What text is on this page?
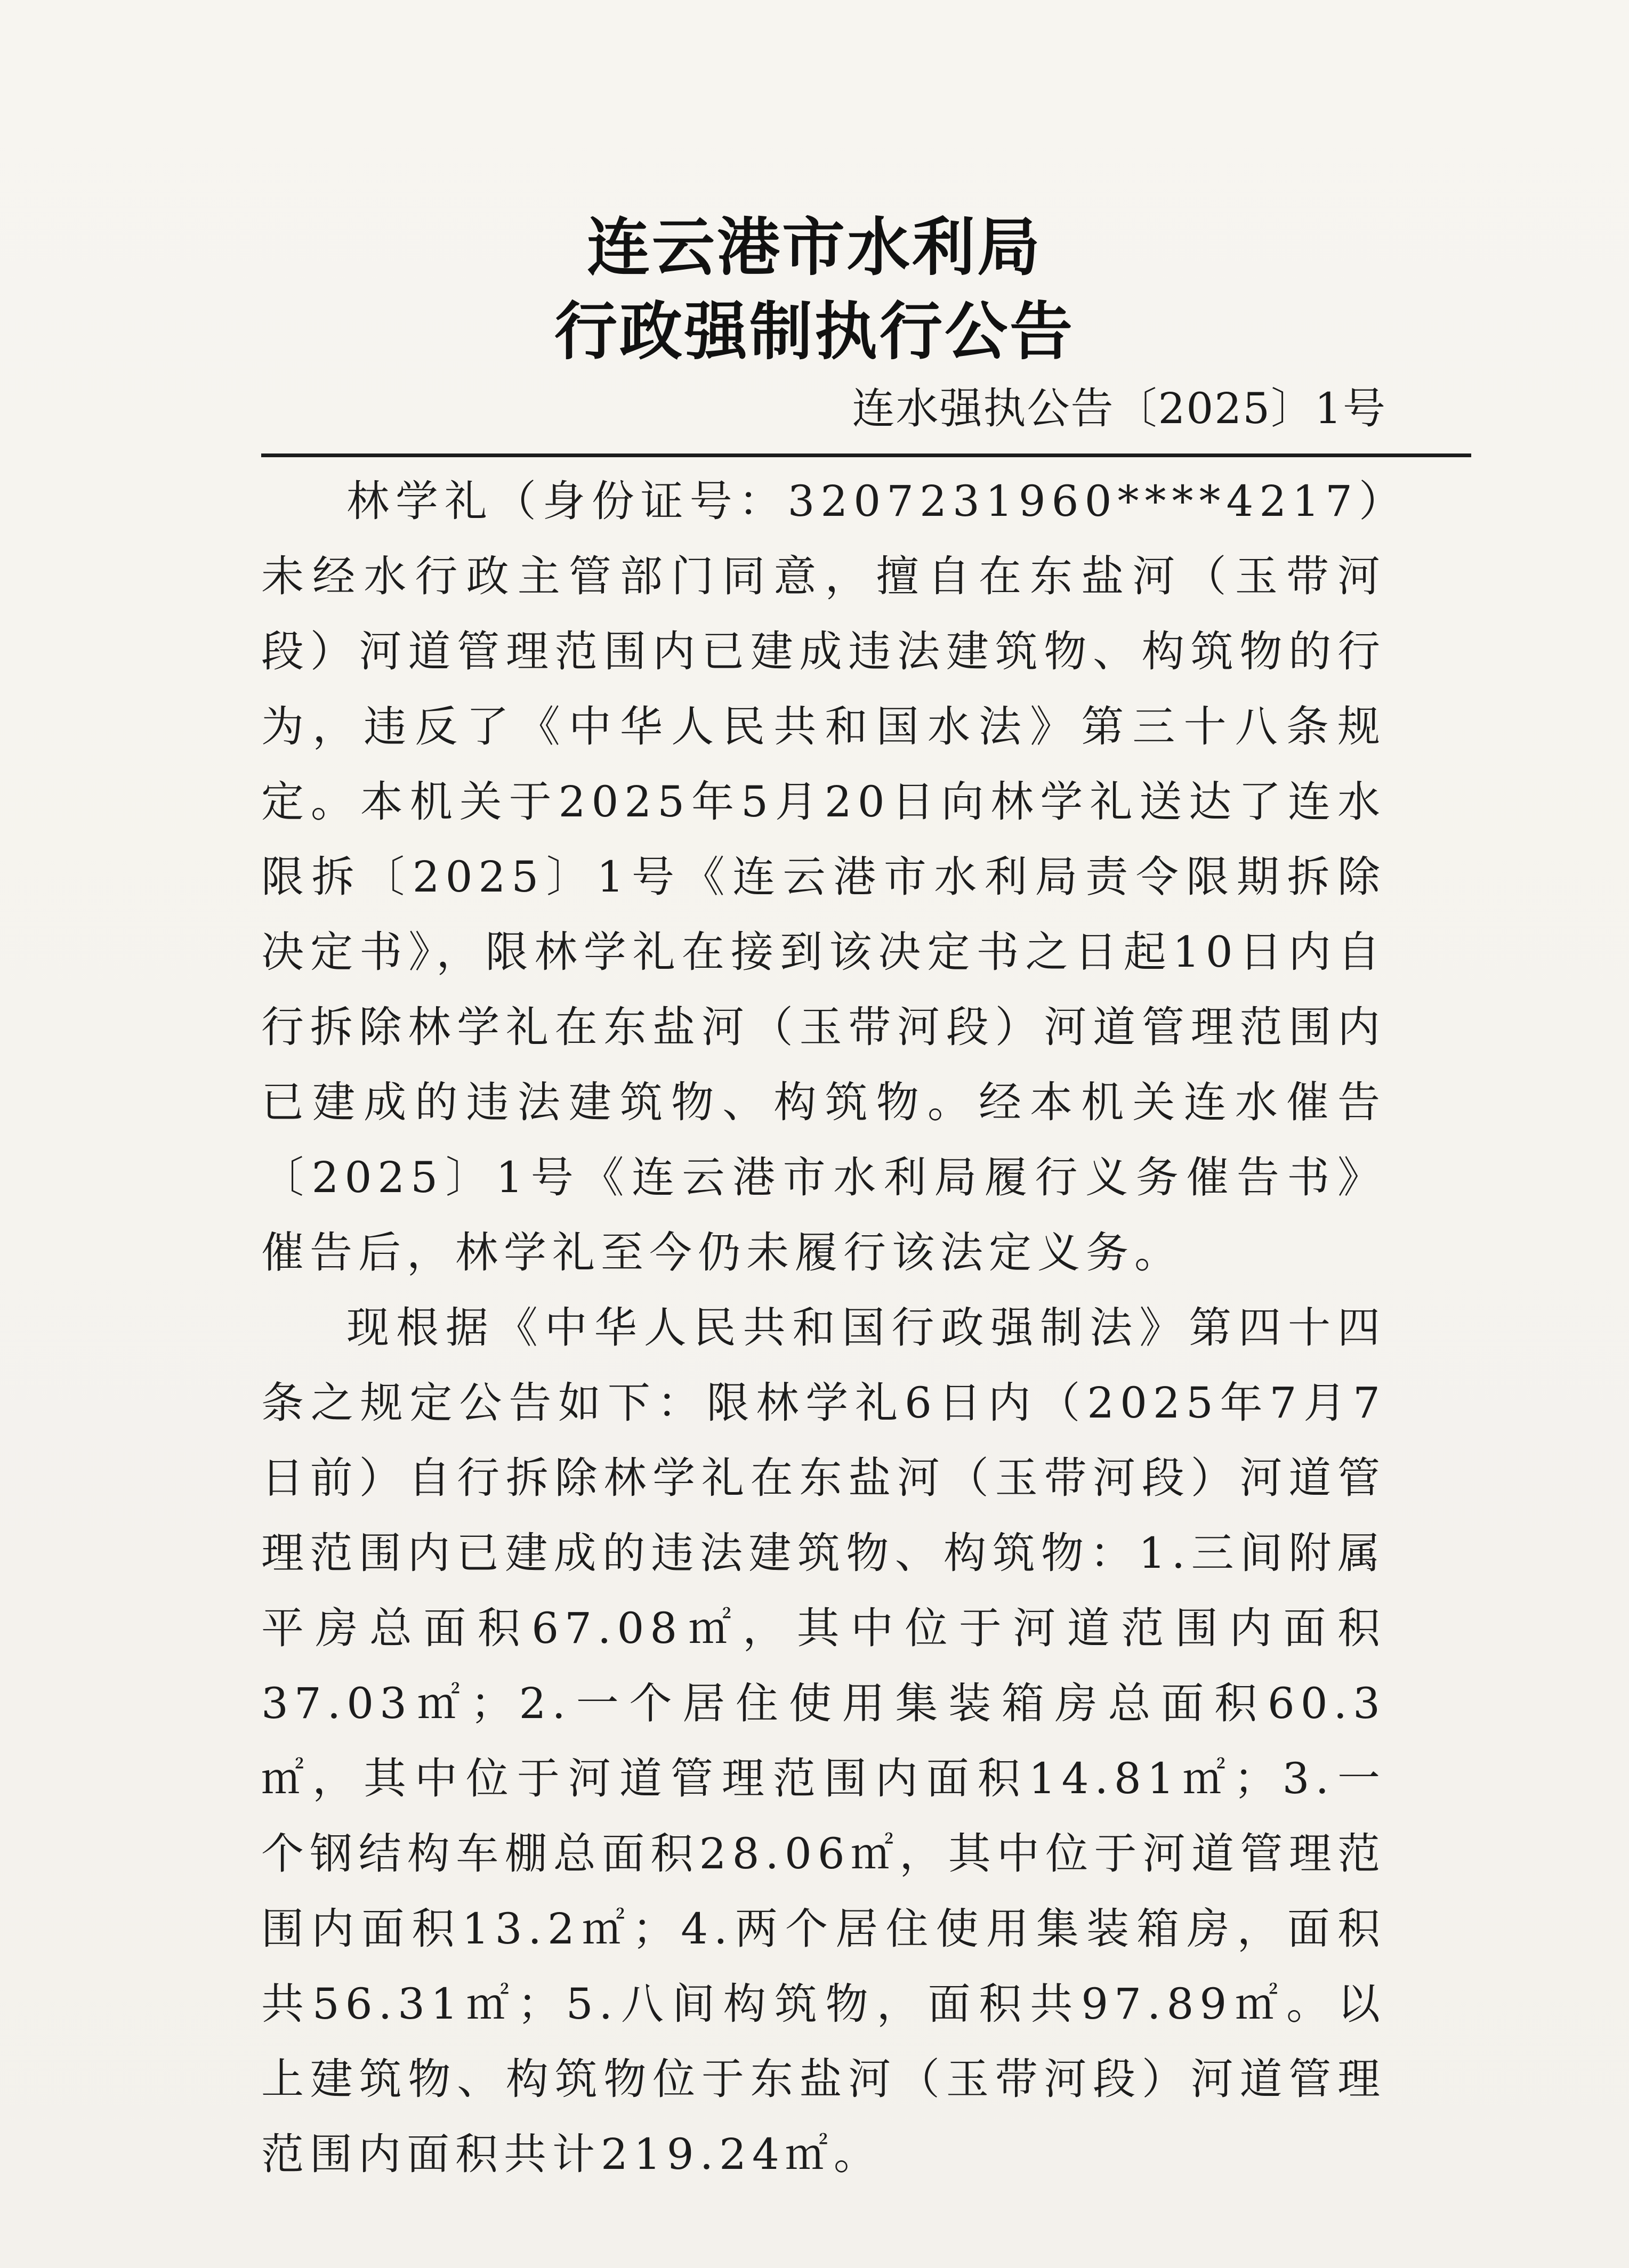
连云港市水利局
行政强制执行公告
连水强执公告〔2025〕1号

林学礼（身份证号：3207231960****4217）未经水行政主管部门同意，擅自在东盐河（玉带河段）河道管理范围内已建成违法建筑物、构筑物的行为，违反了《中华人民共和国水法》第三十八条规定。本机关于2025年5月20日向林学礼送达了连水限拆〔2025〕1号《连云港市水利局责令限期拆除决定书》，限林学礼在接到该决定书之日起10日内自行拆除林学礼在东盐河（玉带河段）河道管理范围内已建成的违法建筑物、构筑物。经本机关连水催告〔2025〕1号《连云港市水利局履行义务催告书》催告后，林学礼至今仍未履行该法定义务。

现根据《中华人民共和国行政强制法》第四十四条之规定公告如下：限林学礼6日内（2025年7月7日前）自行拆除林学礼在东盐河（玉带河段）河道管理范围内已建成的违法建筑物、构筑物：1.三间附属平房总面积67.08㎡，其中位于河道范围内面积37.03㎡；2.一个居住使用集装箱房总面积60.3㎡，其中位于河道管理范围内面积14.81㎡；3.一个钢结构车棚总面积28.06㎡，其中位于河道管理范围内面积13.2㎡；4.两个居住使用集装箱房，面积共56.31㎡；5.八间构筑物，面积共97.89㎡。以上建筑物、构筑物位于东盐河（玉带河段）河道管理范围内面积共计219.24㎡。
